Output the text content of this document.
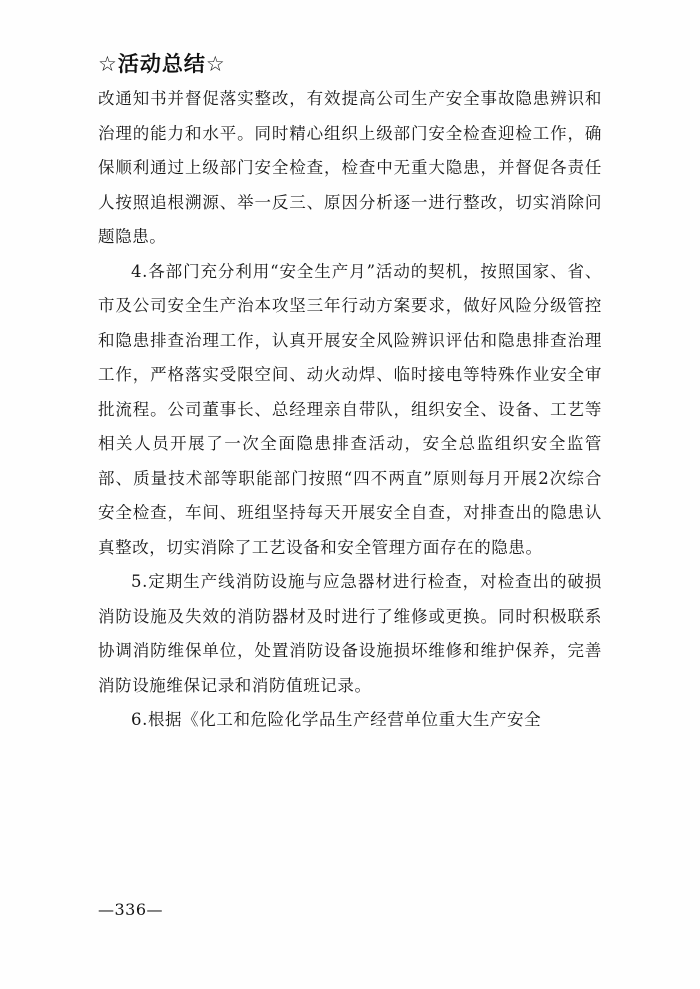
☆活动总结☆

改通知书并督促落实整改，有效提高公司生产安全事故隐患辨识和治理的能力和水平。同时精心组织上级部门安全检查迎检工作，确保顺利通过上级部门安全检查，检查中无重大隐患，并督促各责任人按照追根溯源、举一反三、原因分析逐一进行整改，切实消除问题隐患。

4.各部门充分利用“安全生产月”活动的契机，按照国家、省、市及公司安全生产治本攻坚三年行动方案要求，做好风险分级管控和隐患排查治理工作，认真开展安全风险辨识评估和隐患排查治理工作，严格落实受限空间、动火动焊、临时接电等特殊作业安全审批流程。公司董事长、总经理亲自带队，组织安全、设备、工艺等相关人员开展了一次全面隐患排查活动，安全总监组织安全监管部、质量技术部等职能部门按照“四不两直”原则每月开展2次综合安全检查，车间、班组坚持每天开展安全自查，对排查出的隐患认真整改，切实消除了工艺设备和安全管理方面存在的隐患。

5.定期生产线消防设施与应急器材进行检查，对检查出的破损消防设施及失效的消防器材及时进行了维修或更换。同时积极联系协调消防维保单位，处置消防设备设施损坏维修和维护保养，完善消防设施维保记录和消防值班记录。

6.根据《化工和危险化学品生产经营单位重大生产安全

—336—
